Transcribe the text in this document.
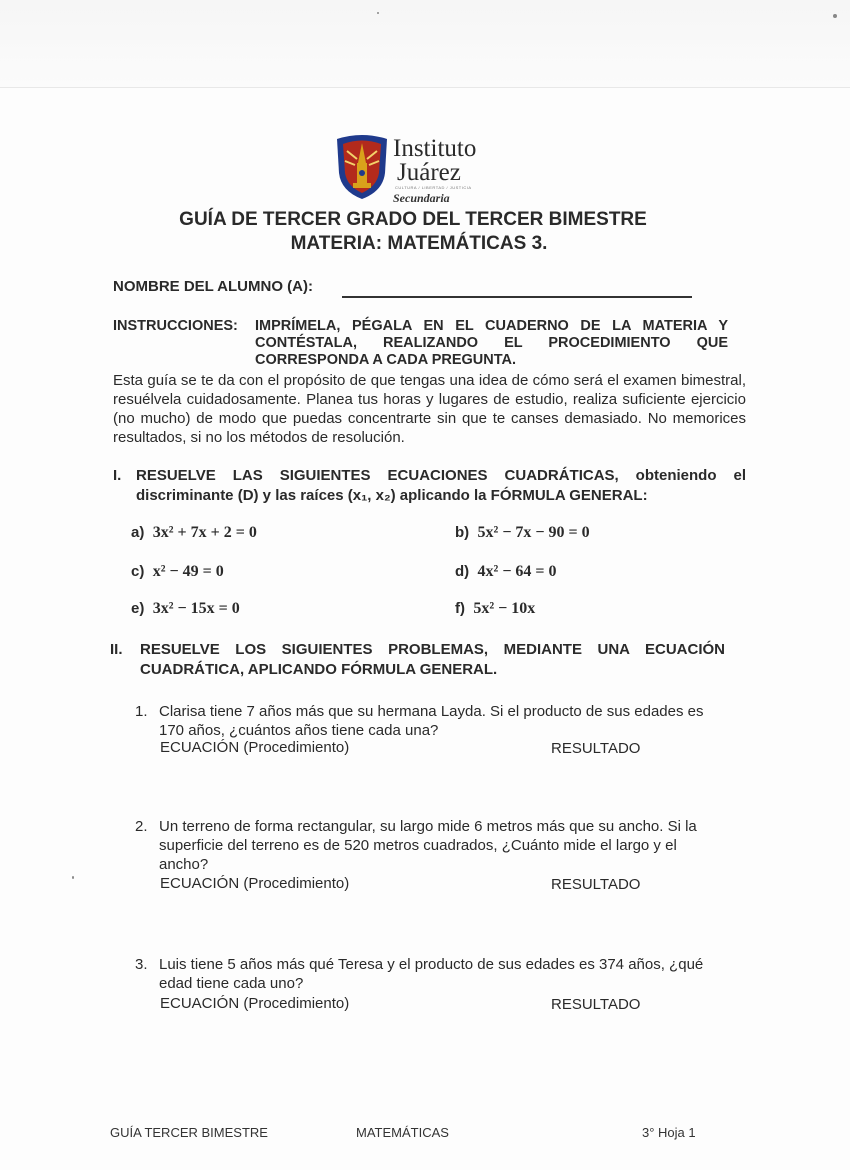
Instituto
Juárez
CULTURA / LIBERTAD / JUSTICIA
Secundaria
GUÍA DE TERCER GRADO DEL TERCER BIMESTRE
MATERIA: MATEMÁTICAS 3.
NOMBRE DEL ALUMNO (A):
INSTRUCCIONES: IMPRÍMELA, PÉGALA EN EL CUADERNO DE LA MATERIA Y CONTÉSTALA, REALIZANDO EL PROCEDIMIENTO QUE CORRESPONDA A CADA PREGUNTA.
Esta guía se te da con el propósito de que tengas una idea de cómo será el examen bimestral, resuélvela cuidadosamente. Planea tus horas y lugares de estudio, realiza suficiente ejercicio (no mucho) de modo que puedas concentrarte sin que te canses demasiado. No memorices resultados, si no los métodos de resolución.
I. RESUELVE LAS SIGUIENTES ECUACIONES CUADRÁTICAS, obteniendo el discriminante (D) y las raíces (x₁, x₂) aplicando la FÓRMULA GENERAL:
a) 3x² + 7x + 2 = 0	b) 5x² − 7x − 90 = 0
c) x² − 49 = 0	d) 4x² − 64 = 0
e) 3x² − 15x = 0	f) 5x² − 10x
II. RESUELVE LOS SIGUIENTES PROBLEMAS, MEDIANTE UNA ECUACIÓN CUADRÁTICA, APLICANDO FÓRMULA GENERAL.
1. Clarisa tiene 7 años más que su hermana Layda. Si el producto de sus edades es 170 años, ¿cuántos años tiene cada una?
ECUACIÓN (Procedimiento)	RESULTADO
2. Un terreno de forma rectangular, su largo mide 6 metros más que su ancho. Si la superficie del terreno es de 520 metros cuadrados, ¿Cuánto mide el largo y el ancho?
ECUACIÓN (Procedimiento)	RESULTADO
3. Luis tiene 5 años más qué Teresa y el producto de sus edades es 374 años, ¿qué edad tiene cada uno?
ECUACIÓN (Procedimiento)	RESULTADO
GUÍA TERCER BIMESTRE	MATEMÁTICAS	3° Hoja 1
